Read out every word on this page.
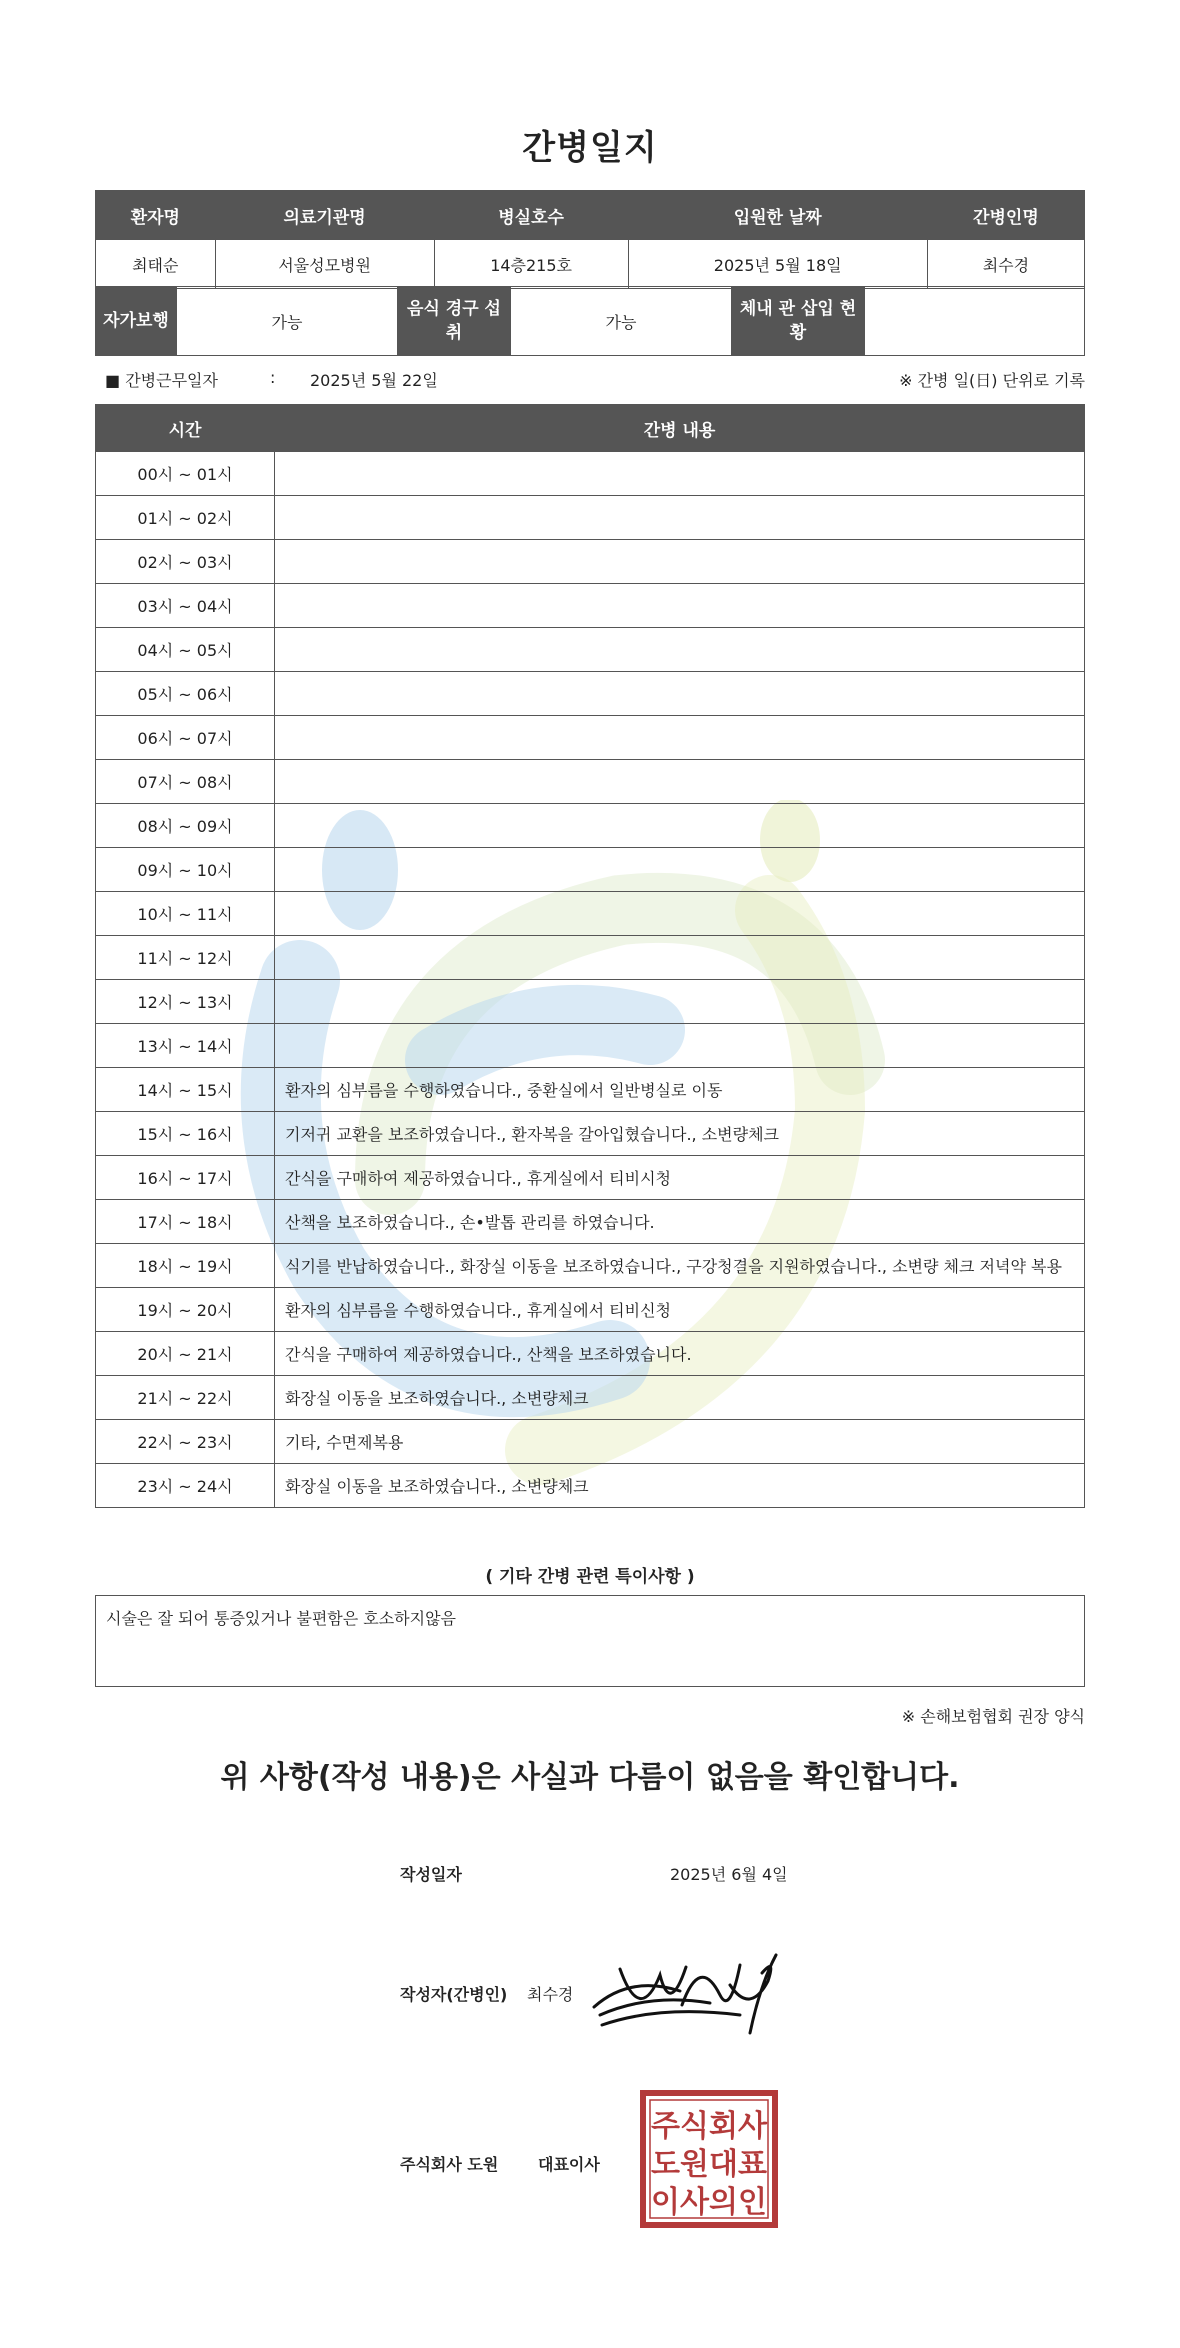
간병일지
환자명	의료기관명	병실호수	입원한 날짜	간병인명
최태순	서울성모병원	14층215호	2025년 5월 18일	최수경
자가보행	가능	음식 경구 섭취	가능	체내 관 삽입 현황	
■ 간병근무일자	:	2025년 5월 22일	※ 간병 일(日) 단위로 기록
시간	간병 내용
00시 ~ 01시	
01시 ~ 02시	
02시 ~ 03시	
03시 ~ 04시	
04시 ~ 05시	
05시 ~ 06시	
06시 ~ 07시	
07시 ~ 08시	
08시 ~ 09시	
09시 ~ 10시	
10시 ~ 11시	
11시 ~ 12시	
12시 ~ 13시	
13시 ~ 14시	
14시 ~ 15시	환자의 심부름을 수행하였습니다., 중환실에서 일반병실로 이동
15시 ~ 16시	기저귀 교환을 보조하였습니다., 환자복을 갈아입혔습니다., 소변량체크
16시 ~ 17시	간식을 구매하여 제공하였습니다., 휴게실에서 티비시청
17시 ~ 18시	산책을 보조하였습니다., 손•발톱 관리를 하였습니다.
18시 ~ 19시	식기를 반납하였습니다., 화장실 이동을 보조하였습니다., 구강청결을 지원하였습니다., 소변량 체크 저녁약 복용
19시 ~ 20시	환자의 심부름을 수행하였습니다., 휴게실에서 티비신청
20시 ~ 21시	간식을 구매하여 제공하였습니다., 산책을 보조하였습니다.
21시 ~ 22시	화장실 이동을 보조하였습니다., 소변량체크
22시 ~ 23시	기타, 수면제복용
23시 ~ 24시	화장실 이동을 보조하였습니다., 소변량체크
( 기타 간병 관련 특이사항 )
시술은 잘 되어 통증있거나 불편함은 호소하지않음
※ 손해보험협회 권장 양식
위 사항(작성 내용)은 사실과 다름이 없음을 확인합니다.
작성일자	2025년 6월 4일
작성자(간병인) 최수경
주식회사 도원 대표이사
주식회사
도원대표
이사의인
